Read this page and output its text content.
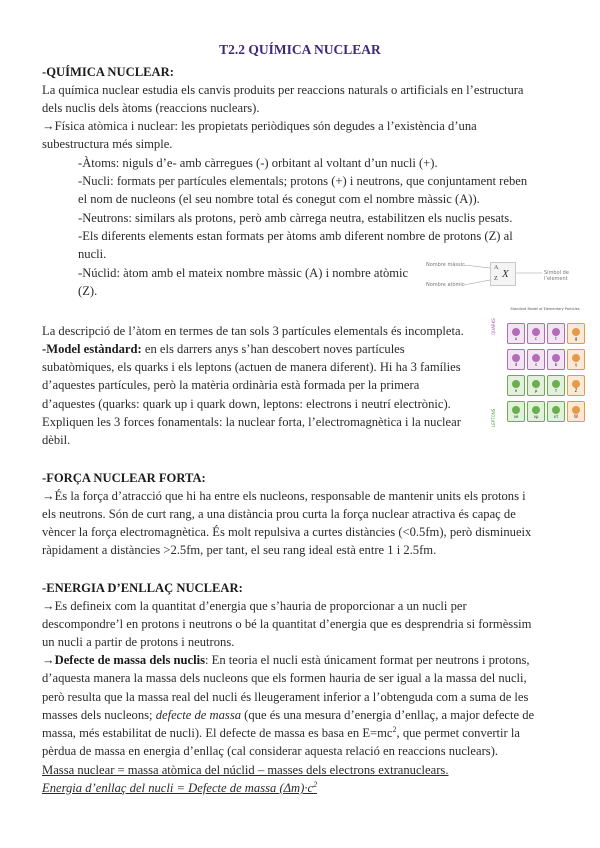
T2.2 QUÍMICA NUCLEAR

-QUÍMICA NUCLEAR:

La química nuclear estudia els canvis produits per reaccions naturals o artificials en l’estructura

dels nuclis dels àtoms (reaccions nuclears).

→Física atòmica i nuclear: les propietats periòdiques són degudes a l’existència d’una

subestructura més simple.

-Àtoms: niguls d’e- amb càrregues (-) orbitant al voltant d’un nucli (+).

-Nucli: formats per partícules elementals; protons (+) i neutrons, que conjuntament reben

el nom de nucleons (el seu nombre total és conegut com el nombre màssic (A)).

-Neutrons: similars als protons, però amb càrrega neutra, estabilitzen els nuclis pesats.

-Els diferents elements estan formats per àtoms amb diferent nombre de protons (Z) al

nucli.

-Núclid: àtom amb el mateix nombre màssic (A) i nombre atòmic

(Z).

Nombre màssic
Nombre atòmic
A
Z X	Símbol de l’element

La descripció de l’àtom en termes de tan sols 3 partícules elementals és incompleta.

-Model estàndard: en els darrers anys s’han descobert noves partícules

subatòmiques, els quarks i els leptons (actuen de manera diferent). Hi ha 3 famílies

d’aquestes partícules, però la matèria ordinària està formada per la primera

d’aquestes (quarks: quark up i quark down, leptons: electrons i neutrí electrònic).

Expliquen les 3 forces fonamentals: la nuclear forta, l’electromagnètica i la nuclear

dèbil.

Standard Model of Elementary Particles
QUARKS
LEPTONS
u	c	t	g
d	s	b	γ
e	μ	τ	Z
νe	νμ	ντ	W

-FORÇA NUCLEAR FORTA:

→És la força d’atracció que hi ha entre els nucleons, responsable de mantenir units els protons i

els neutrons. Són de curt rang, a una distància prou curta la força nuclear atractiva és capaç de

vèncer la força electromagnètica. És molt repulsiva a curtes distàncies (<0.5fm), però disminueix

ràpidament a distàncies >2.5fm, per tant, el seu rang ideal està entre 1 i 2.5fm.

-ENERGIA D’ENLLAÇ NUCLEAR:

→Es defineix com la quantitat d’energia que s’hauria de proporcionar a un nucli per

descompondre’l en protons i neutrons o bé la quantitat d’energia que es desprendria si formèssim

un nucli a partir de protons i neutrons.

→Defecte de massa dels nuclis: En teoria el nucli està únicament format per neutrons i protons,

d’aquesta manera la massa dels nucleons que els formen hauria de ser igual a la massa del nucli,

però resulta que la massa real del nucli és lleugerament inferior a l’obtenguda com a suma de les

masses dels nucleons; defecte de massa (que és una mesura d’energia d’enllaç, a major defecte de

massa, més estabilitat de nucli). El defecte de massa es basa en $E=mc^2$, que permet convertir la

pèrdua de massa en energia d’enllaç (cal considerar aquesta relació en reaccions nuclears).

Massa nuclear = massa atòmica del núclid – masses dels electrons extranuclears.

Energia d’enllaç del nucli = Defecte de massa $(\Delta m)\cdot c^2$
